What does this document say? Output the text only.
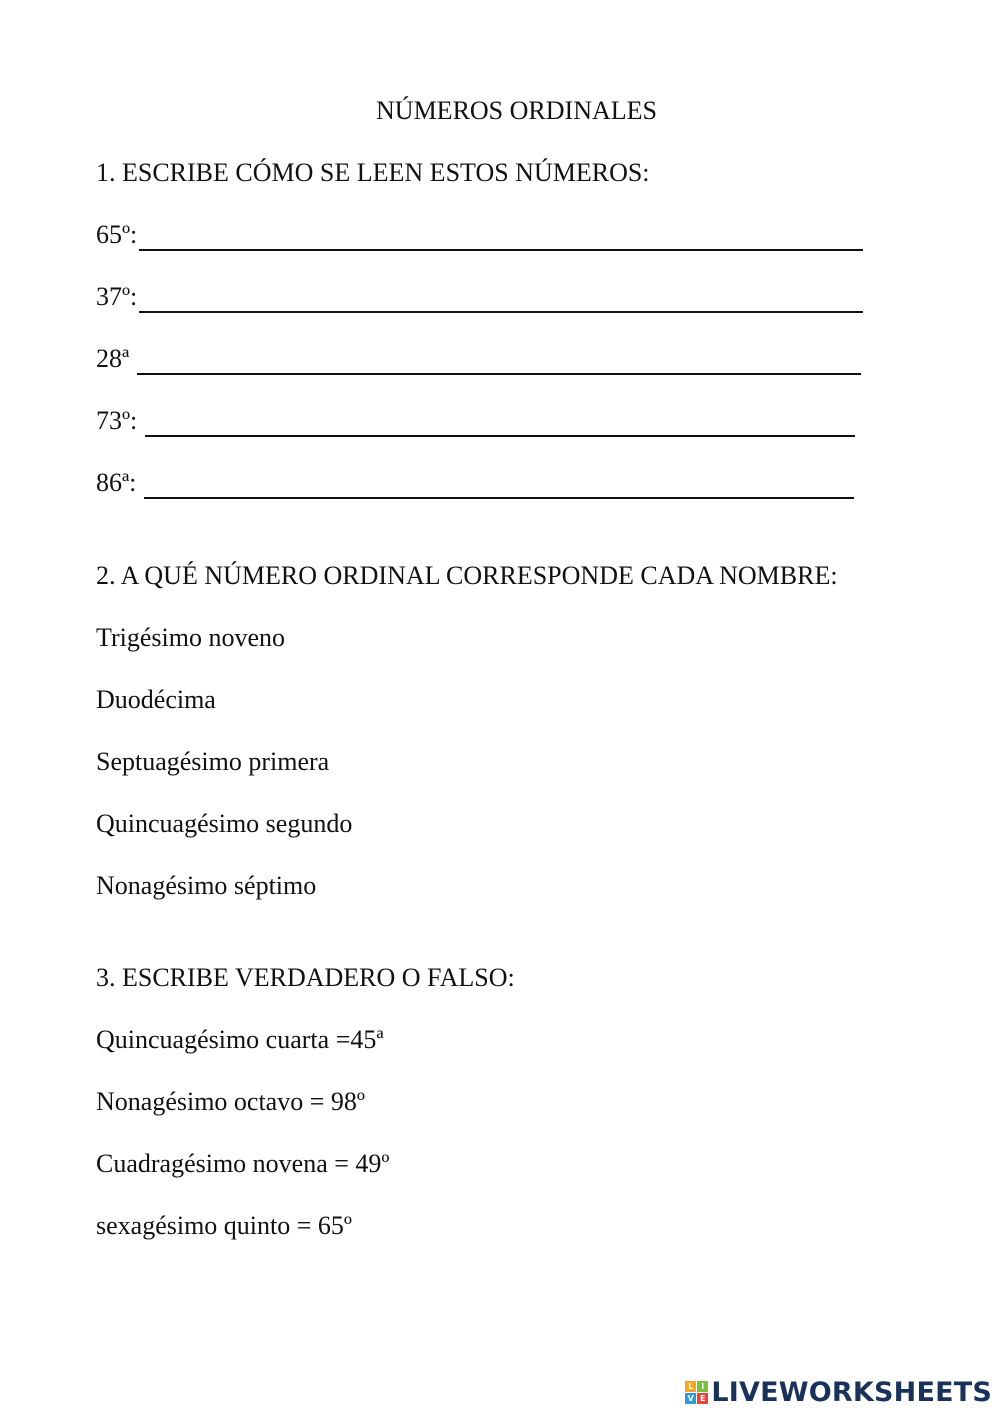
NÚMEROS ORDINALES
1. ESCRIBE CÓMO SE LEEN ESTOS NÚMEROS:
65º:
37º:
28ª
73º:
86ª:
2. A QUÉ NÚMERO ORDINAL CORRESPONDE CADA NOMBRE:
Trigésimo noveno
Duodécima
Septuagésimo primera
Quincuagésimo segundo
Nonagésimo séptimo
3. ESCRIBE VERDADERO O FALSO:
Quincuagésimo cuarta =45ª
Nonagésimo octavo = 98º
Cuadragésimo novena = 49º
sexagésimo quinto = 65º
L I
V E LIVEWORKSHEETS
